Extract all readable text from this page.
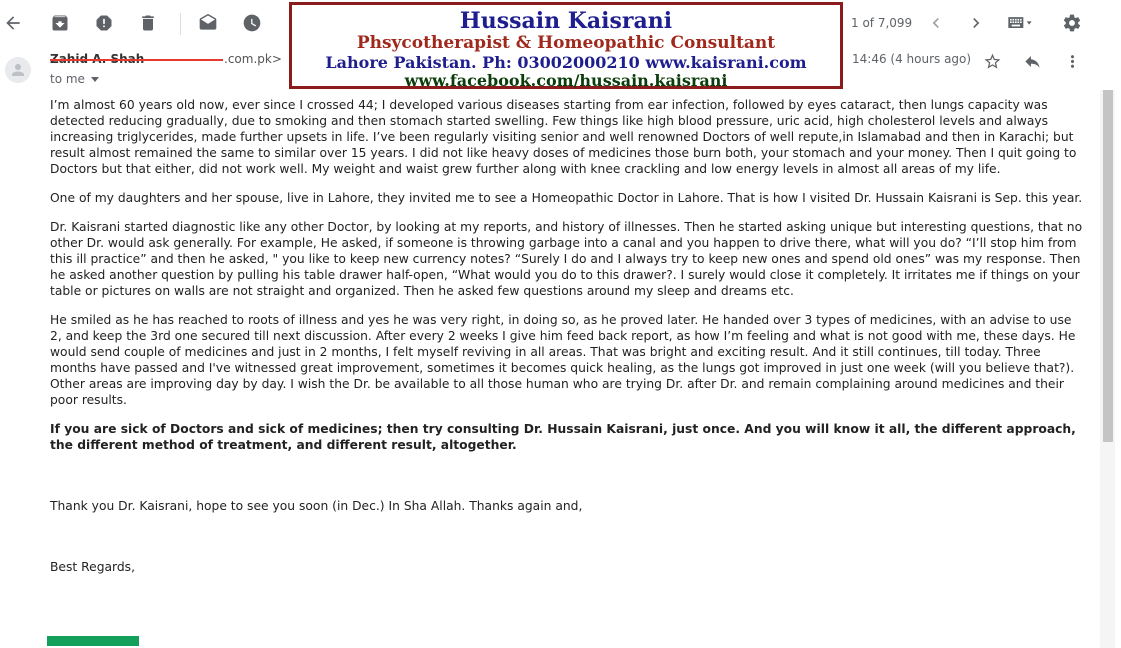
1 of 7,099
.com.pk>
to me
14:46 (4 hours ago)
Hussain Kaisrani
Phsycotherapist & Homeopathic Consultant
Lahore Pakistan. Ph: 03002000210 www.kaisrani.com
www.facebook.com/hussain.kaisrani

I’m almost 60 years old now, ever since I crossed 44; I developed various diseases starting from ear infection, followed by eyes cataract, then lungs capacity was detected reducing gradually, due to smoking and then stomach started swelling. Few things like high blood pressure, uric acid, high cholesterol levels and always increasing triglycerides, made further upsets in life. I’ve been regularly visiting senior and well renowned Doctors of well repute,in Islamabad and then in Karachi; but result almost remained the same to similar over 15 years. I did not like heavy doses of medicines those burn both, your stomach and your money. Then I quit going to Doctors but that either, did not work well. My weight and waist grew further along with knee crackling and low energy levels in almost all areas of my life.

One of my daughters and her spouse, live in Lahore, they invited me to see a Homeopathic Doctor in Lahore. That is how I visited Dr. Hussain Kaisrani is Sep. this year.

Dr. Kaisrani started diagnostic like any other Doctor, by looking at my reports, and history of illnesses. Then he started asking unique but interesting questions, that no other Dr. would ask generally. For example, He asked, if someone is throwing garbage into a canal and you happen to drive there, what will you do? “I’ll stop him from this ill practice” and then he asked, " you like to keep new currency notes? “Surely I do and I always try to keep new ones and spend old ones” was my response. Then he asked another question by pulling his table drawer half-open, “What would you do to this drawer?. I surely would close it completely. It irritates me if things on your table or pictures on walls are not straight and organized. Then he asked few questions around my sleep and dreams etc.

He smiled as he has reached to roots of illness and yes he was very right, in doing so, as he proved later. He handed over 3 types of medicines, with an advise to use 2, and keep the 3rd one secured till next discussion. After every 2 weeks I give him feed back report, as how I’m feeling and what is not good with me, these days. He would send couple of medicines and just in 2 months, I felt myself reviving in all areas. That was bright and exciting result. And it still continues, till today. Three months have passed and I've witnessed great improvement, sometimes it becomes quick healing, as the lungs got improved in just one week (will you believe that?). Other areas are improving day by day. I wish the Dr. be available to all those human who are trying Dr. after Dr. and remain complaining around medicines and their poor results.

If you are sick of Doctors and sick of medicines; then try consulting Dr. Hussain Kaisrani, just once. And you will know it all, the different approach, the different method of treatment, and different result, altogether.

Thank you Dr. Kaisrani, hope to see you soon (in Dec.) In Sha Allah. Thanks again and,

Best Regards,
